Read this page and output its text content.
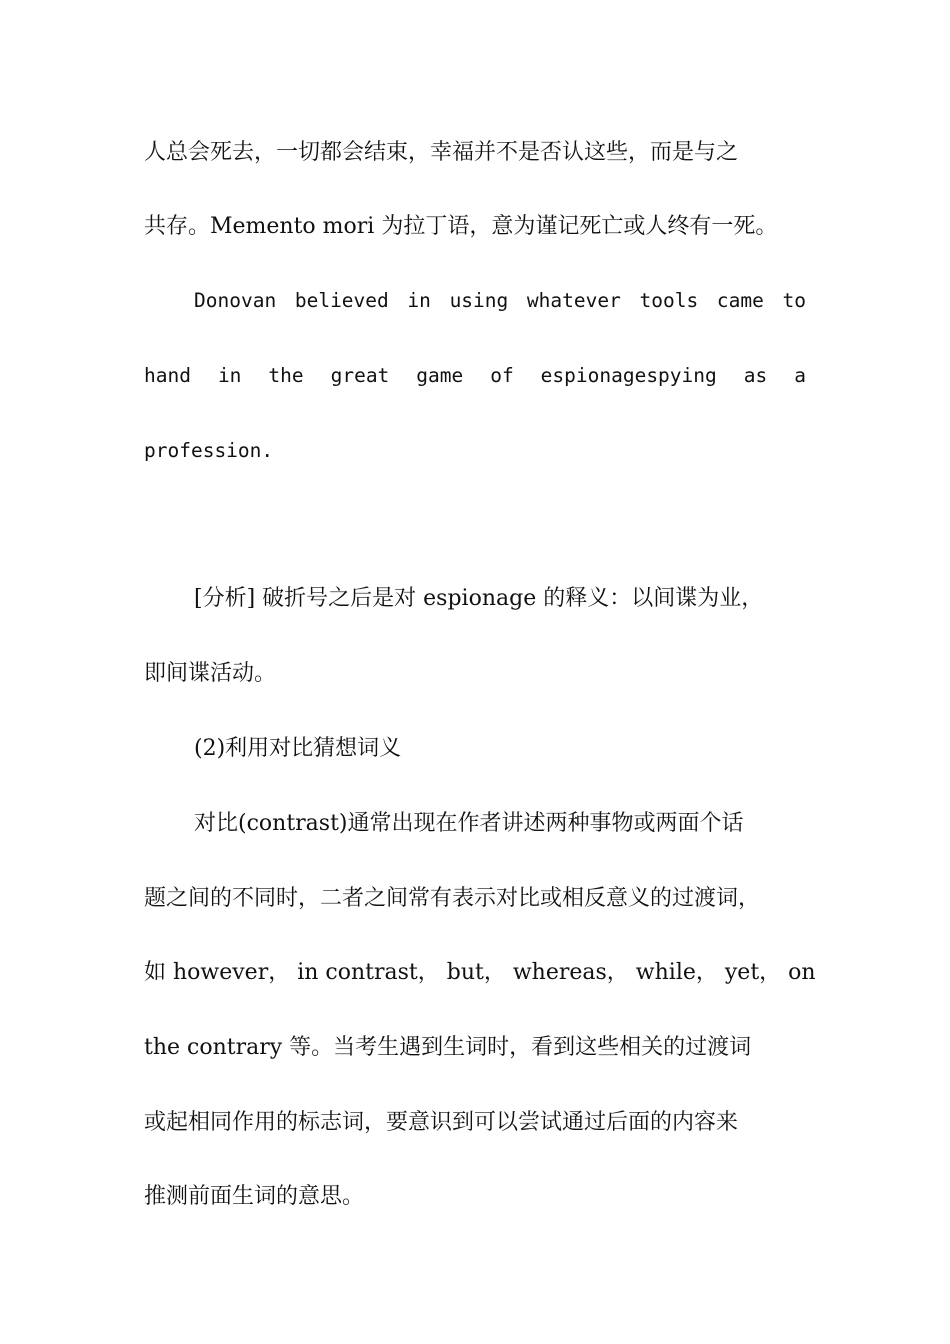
人总会死去，一切都会结束，幸福并不是否认这些，而是与之
共存。Memento mori 为拉丁语，意为谨记死亡或人终有一死。
Donovan believed in using whatever tools came to
hand in the great game of espionagespying as a
profession.
[分析] 破折号之后是对 espionage 的释义：以间谍为业，
即间谍活动。
(2)利用对比猜想词义
对比(contrast)通常出现在作者讲述两种事物或两面个话
题之间的不同时，二者之间常有表示对比或相反意义的过渡词，
如 however， in contrast， but， whereas， while， yet， on
the contrary 等。当考生遇到生词时，看到这些相关的过渡词
或起相同作用的标志词，要意识到可以尝试通过后面的内容来
推测前面生词的意思。
